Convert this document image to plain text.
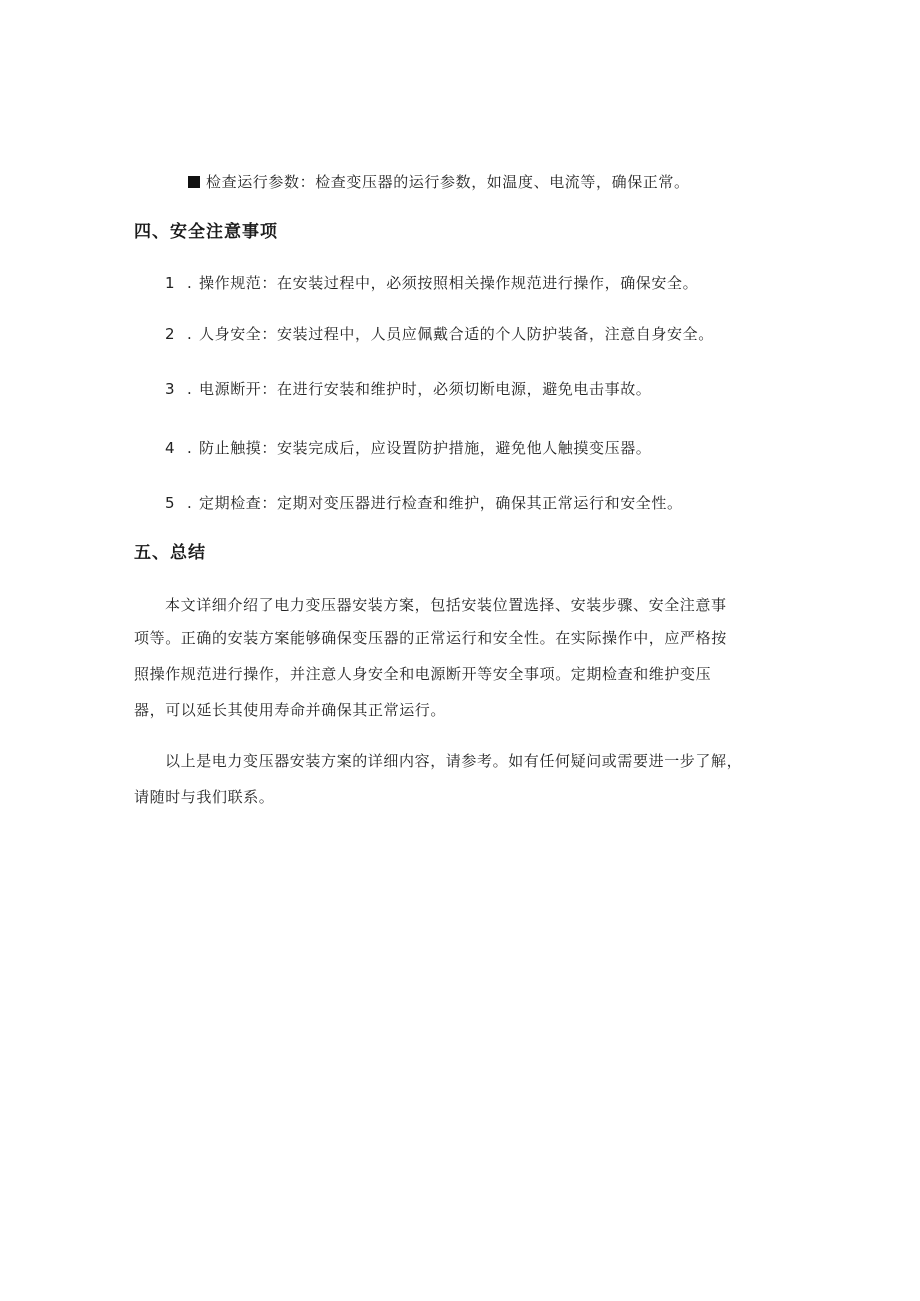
检查运行参数：检查变压器的运行参数，如温度、电流等，确保正常。
四、安全注意事项
1 . 操作规范：在安装过程中，必须按照相关操作规范进行操作，确保安全。
2 . 人身安全：安装过程中，人员应佩戴合适的个人防护装备，注意自身安全。
3 . 电源断开：在进行安装和维护时，必须切断电源，避免电击事故。
4 . 防止触摸：安装完成后，应设置防护措施，避免他人触摸变压器。
5 . 定期检查：定期对变压器进行检查和维护，确保其正常运行和安全性。
五、总结
本文详细介绍了电力变压器安装方案，包括安装位置选择、安装步骤、安全注意事
项等。正确的安装方案能够确保变压器的正常运行和安全性。在实际操作中，应严格按
照操作规范进行操作，并注意人身安全和电源断开等安全事项。定期检查和维护变压
器，可以延长其使用寿命并确保其正常运行。
以上是电力变压器安装方案的详细内容，请参考。如有任何疑问或需要进一步了解，
请随时与我们联系。
